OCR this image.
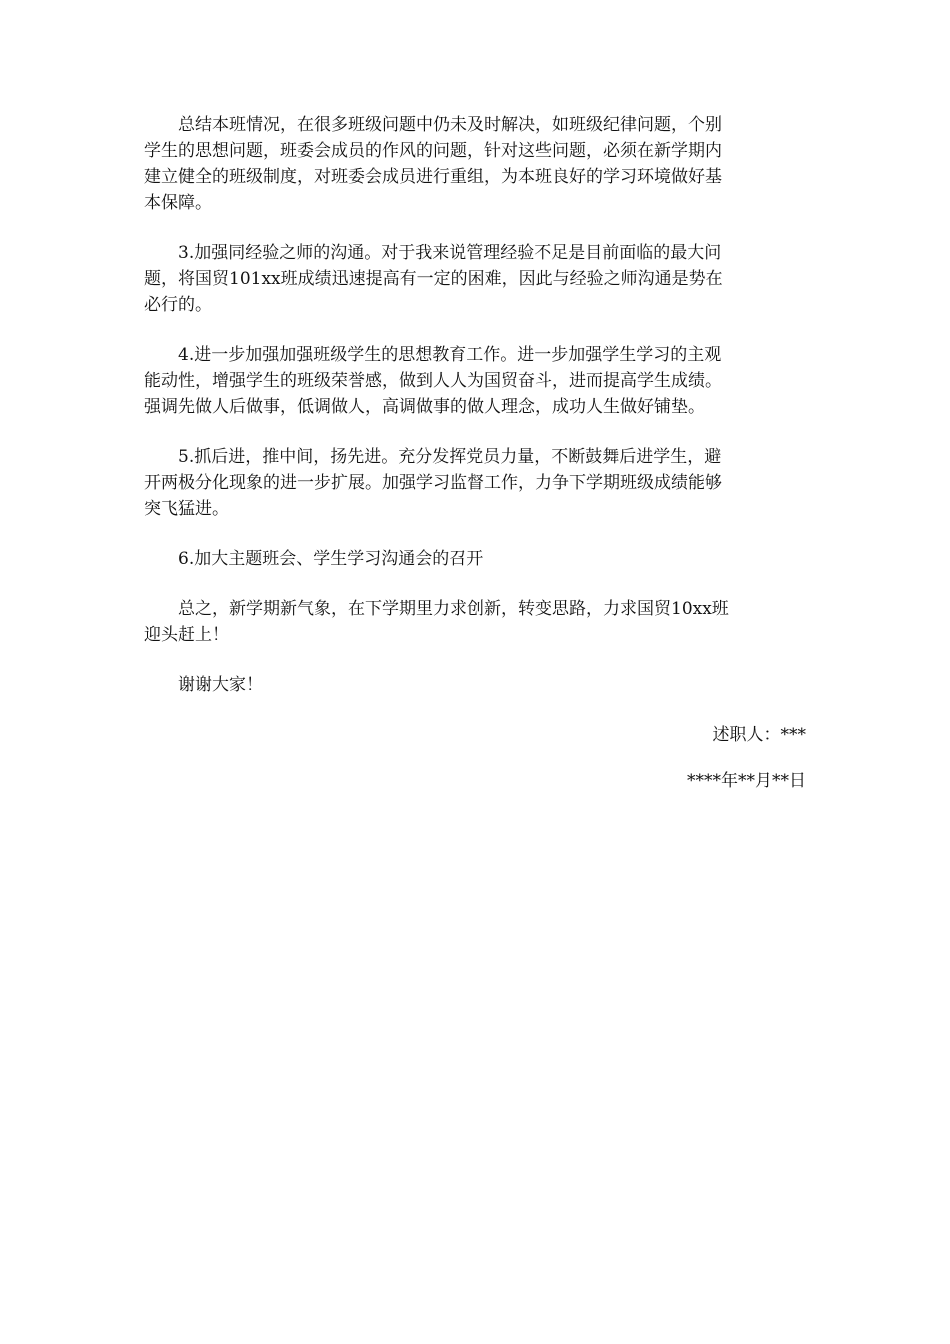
总结本班情况，在很多班级问题中仍未及时解决，如班级纪律问题，个别
学生的思想问题，班委会成员的作风的问题，针对这些问题，必须在新学期内
建立健全的班级制度，对班委会成员进行重组，为本班良好的学习环境做好基
本保障。
3.加强同经验之师的沟通。对于我来说管理经验不足是目前面临的最大问
题，将国贸101xx班成绩迅速提高有一定的困难，因此与经验之师沟通是势在
必行的。
4.进一步加强加强班级学生的思想教育工作。进一步加强学生学习的主观
能动性，增强学生的班级荣誉感，做到人人为国贸奋斗，进而提高学生成绩。
强调先做人后做事，低调做人，高调做事的做人理念，成功人生做好铺垫。
5.抓后进，推中间，扬先进。充分发挥党员力量，不断鼓舞后进学生，避
开两极分化现象的进一步扩展。加强学习监督工作，力争下学期班级成绩能够
突飞猛进。
6.加大主题班会、学生学习沟通会的召开
总之，新学期新气象，在下学期里力求创新，转变思路，力求国贸10xx班
迎头赶上！
谢谢大家！
述职人：***
****年**月**日
